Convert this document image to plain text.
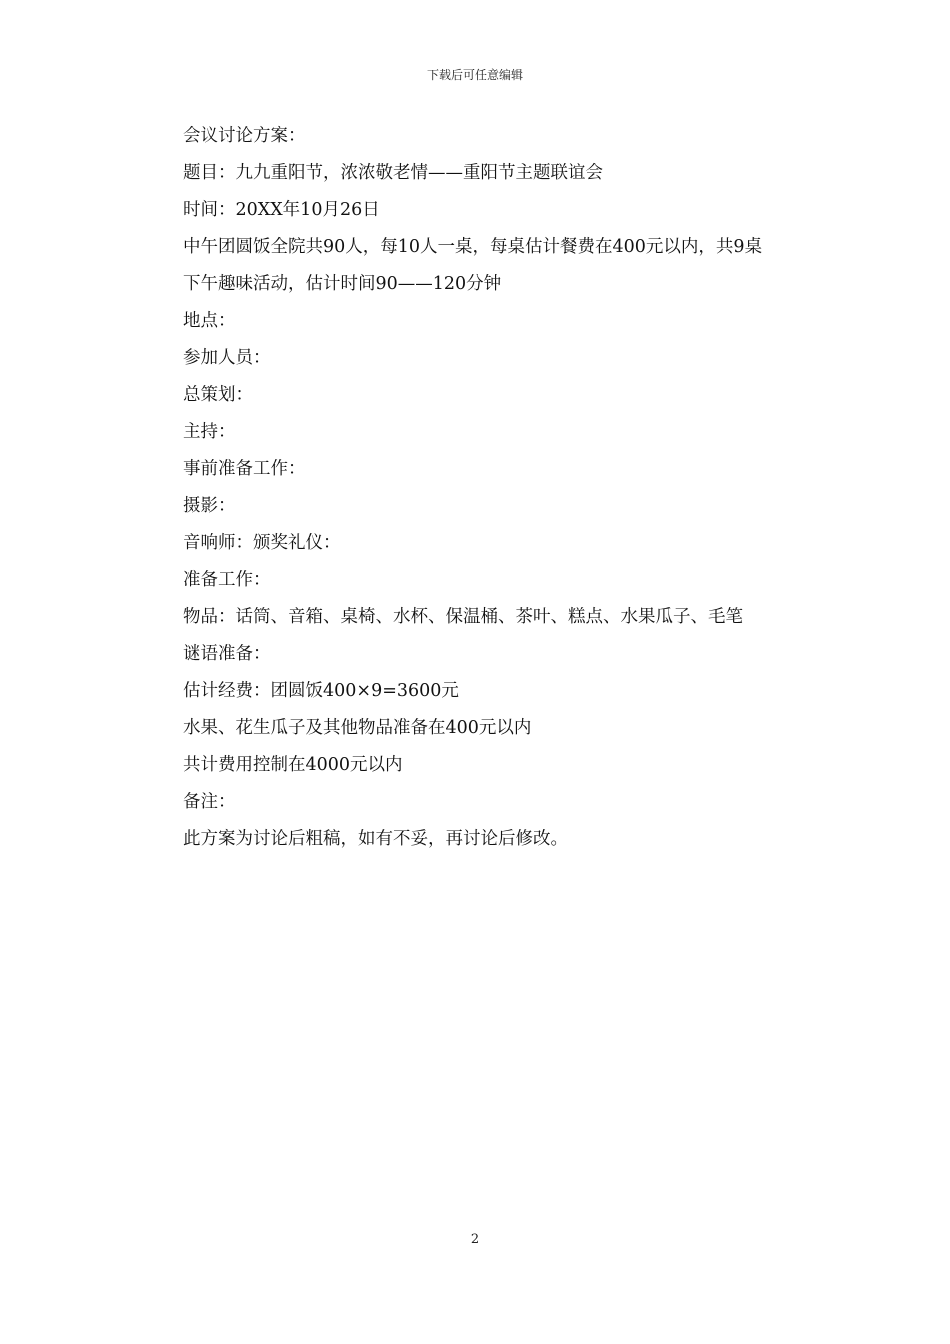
下载后可任意编辑

会议讨论方案：

题目：九九重阳节，浓浓敬老情——重阳节主题联谊会

时间：20XX年10月26日

中午团圆饭全院共90人，每10人一桌，每桌估计餐费在400元以内，共9桌

下午趣味活动，估计时间90——120分钟

地点：

参加人员：

总策划：

主持：

事前准备工作：

摄影：

音响师：颁奖礼仪：

准备工作：

物品：话筒、音箱、桌椅、水杯、保温桶、茶叶、糕点、水果瓜子、毛笔

谜语准备：

估计经费：团圆饭400×9=3600元

水果、花生瓜子及其他物品准备在400元以内

共计费用控制在4000元以内

备注：

此方案为讨论后粗稿，如有不妥，再讨论后修改。

2
